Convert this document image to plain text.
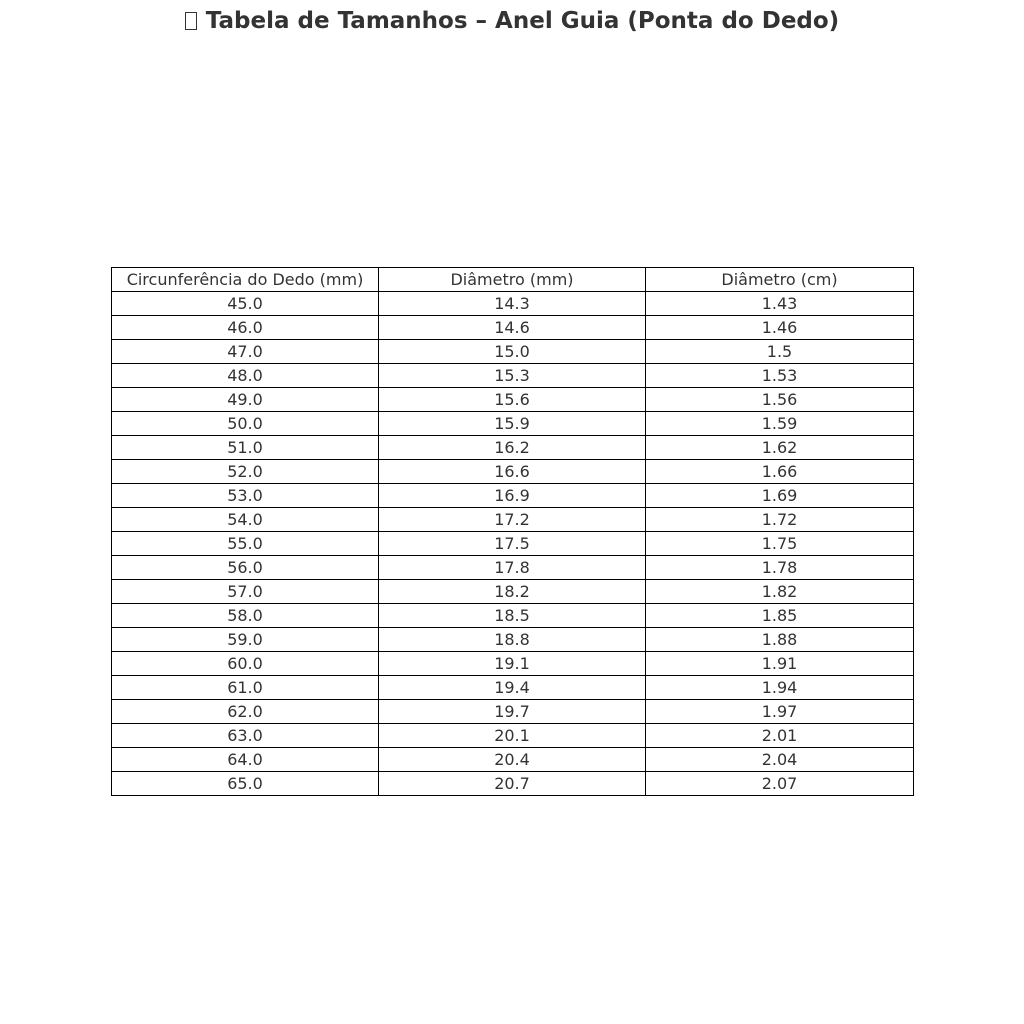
Tabela de Tamanhos – Anel Guia (Ponta do Dedo)
Circunferência do Dedo (mm)	Diâmetro (mm)	Diâmetro (cm)
45.0	14.3	1.43
46.0	14.6	1.46
47.0	15.0	1.5
48.0	15.3	1.53
49.0	15.6	1.56
50.0	15.9	1.59
51.0	16.2	1.62
52.0	16.6	1.66
53.0	16.9	1.69
54.0	17.2	1.72
55.0	17.5	1.75
56.0	17.8	1.78
57.0	18.2	1.82
58.0	18.5	1.85
59.0	18.8	1.88
60.0	19.1	1.91
61.0	19.4	1.94
62.0	19.7	1.97
63.0	20.1	2.01
64.0	20.4	2.04
65.0	20.7	2.07
